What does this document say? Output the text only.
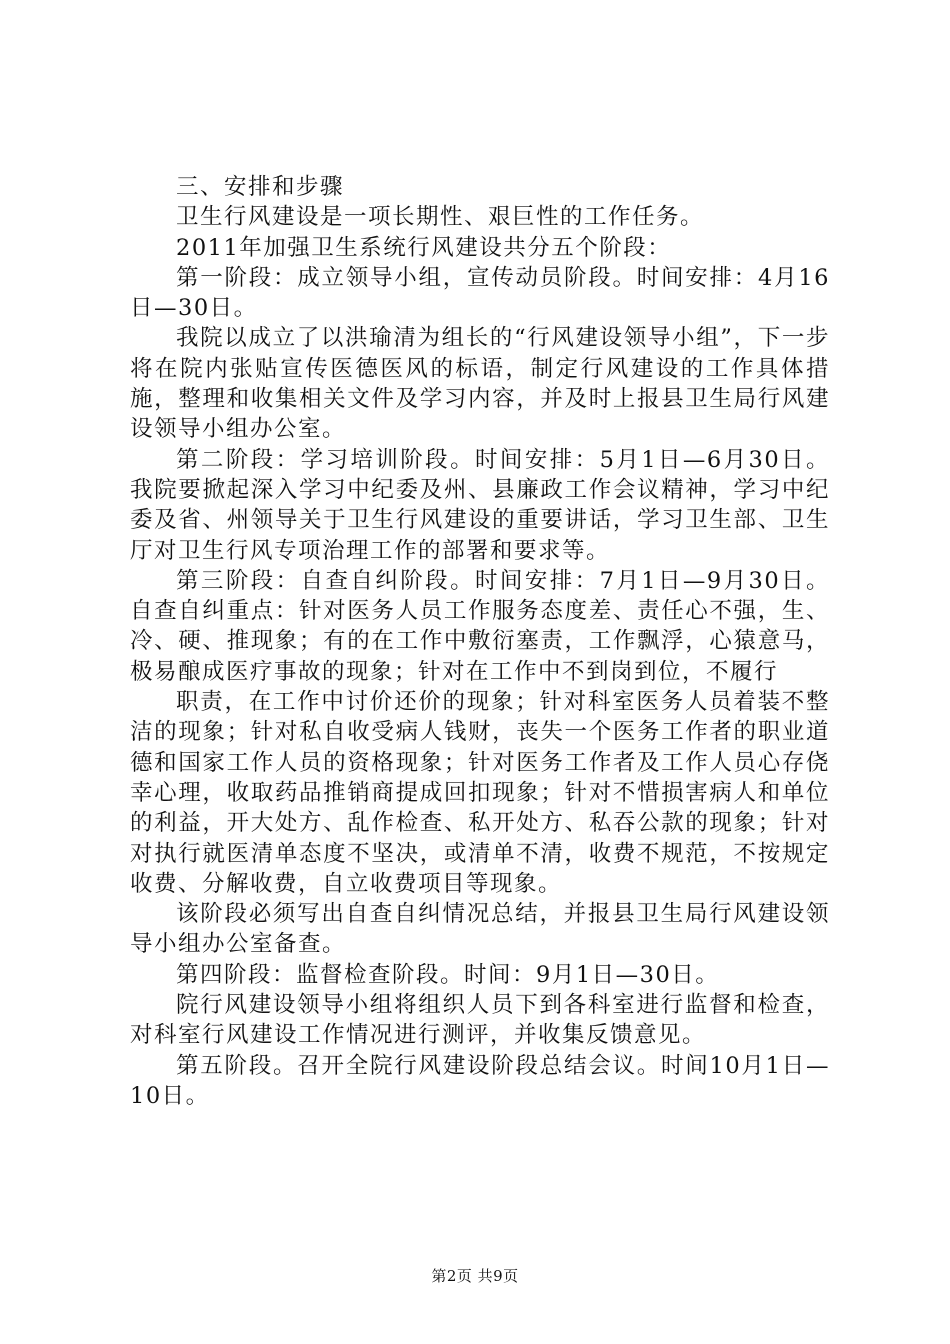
三、安排和步骤

卫生行风建设是一项长期性、艰巨性的工作任务。

2011年加强卫生系统行风建设共分五个阶段：

第一阶段：成立领导小组，宣传动员阶段。时间安排：4月16日—30日。

我院以成立了以洪瑜清为组长的“行风建设领导小组”，下一步将在院内张贴宣传医德医风的标语，制定行风建设的工作具体措施，整理和收集相关文件及学习内容，并及时上报县卫生局行风建设领导小组办公室。

第二阶段：学习培训阶段。时间安排：5月1日—6月30日。我院要掀起深入学习中纪委及州、县廉政工作会议精神，学习中纪委及省、州领导关于卫生行风建设的重要讲话，学习卫生部、卫生厅对卫生行风专项治理工作的部署和要求等。

第三阶段：自查自纠阶段。时间安排：7月1日—9月30日。自查自纠重点：针对医务人员工作服务态度差、责任心不强，生、冷、硬、推现象；有的在工作中敷衍塞责，工作飘浮，心猿意马，极易酿成医疗事故的现象；针对在工作中不到岗到位，不履行

职责，在工作中讨价还价的现象；针对科室医务人员着装不整洁的现象；针对私自收受病人钱财，丧失一个医务工作者的职业道德和国家工作人员的资格现象；针对医务工作者及工作人员心存侥幸心理，收取药品推销商提成回扣现象；针对不惜损害病人和单位的利益，开大处方、乱作检查、私开处方、私吞公款的现象；针对对执行就医清单态度不坚决，或清单不清，收费不规范，不按规定收费、分解收费，自立收费项目等现象。

该阶段必须写出自查自纠情况总结，并报县卫生局行风建设领导小组办公室备查。

第四阶段：监督检查阶段。时间：9月1日—30日。

院行风建设领导小组将组织人员下到各科室进行监督和检查，对科室行风建设工作情况进行测评，并收集反馈意见。

第五阶段。召开全院行风建设阶段总结会议。时间10月1日—10日。

第2页 共9页
